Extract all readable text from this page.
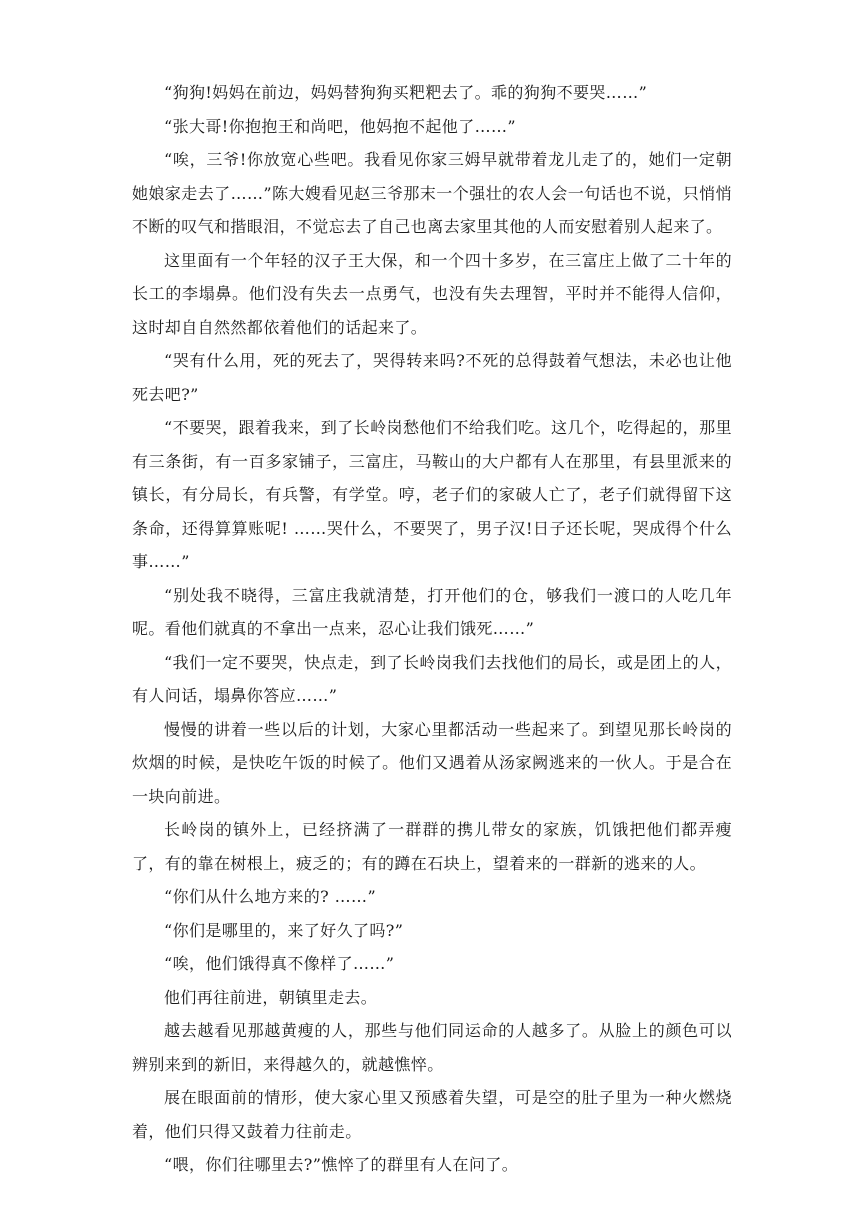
“狗狗!妈妈在前边，妈妈替狗狗买粑粑去了。乖的狗狗不要哭……”

“张大哥!你抱抱王和尚吧，他妈抱不起他了……”

“唉，三爷!你放宽心些吧。我看见你家三姆早就带着龙儿走了的，她们一定朝她娘家走去了……”陈大嫂看见赵三爷那末一个强壮的农人会一句话也不说，只悄悄不断的叹气和揩眼泪，不觉忘去了自己也离去家里其他的人而安慰着别人起来了。

这里面有一个年轻的汉子王大保，和一个四十多岁，在三富庄上做了二十年的长工的李塌鼻。他们没有失去一点勇气，也没有失去理智，平时并不能得人信仰，这时却自自然然都依着他们的话起来了。

“哭有什么用，死的死去了，哭得转来吗?不死的总得鼓着气想法，未必也让他死去吧?”

“不要哭，跟着我来，到了长岭岗愁他们不给我们吃。这几个，吃得起的，那里有三条街，有一百多家铺子，三富庄，马鞍山的大户都有人在那里，有县里派来的镇长，有分局长，有兵警，有学堂。哼，老子们的家破人亡了，老子们就得留下这条命，还得算算账呢! ……哭什么，不要哭了，男子汉!日子还长呢，哭成得个什么事……”

“别处我不晓得，三富庄我就清楚，打开他们的仓，够我们一渡口的人吃几年呢。看他们就真的不拿出一点来，忍心让我们饿死……”

“我们一定不要哭，快点走，到了长岭岗我们去找他们的局长，或是团上的人，有人问话，塌鼻你答应……”

慢慢的讲着一些以后的计划，大家心里都活动一些起来了。到望见那长岭岗的炊烟的时候，是快吃午饭的时候了。他们又遇着从汤家阙逃来的一伙人。于是合在一块向前进。

长岭岗的镇外上，已经挤满了一群群的携儿带女的家族，饥饿把他们都弄瘦了，有的靠在树根上，疲乏的；有的蹲在石块上，望着来的一群新的逃来的人。

“你们从什么地方来的? ……”

“你们是哪里的，来了好久了吗?”

“唉，他们饿得真不像样了……”

他们再往前进，朝镇里走去。

越去越看见那越黄瘦的人，那些与他们同运命的人越多了。从脸上的颜色可以辨别来到的新旧，来得越久的，就越憔悴。

展在眼面前的情形，使大家心里又预感着失望，可是空的肚子里为一种火燃烧着，他们只得又鼓着力往前走。

“喂，你们往哪里去?”憔悴了的群里有人在问了。
